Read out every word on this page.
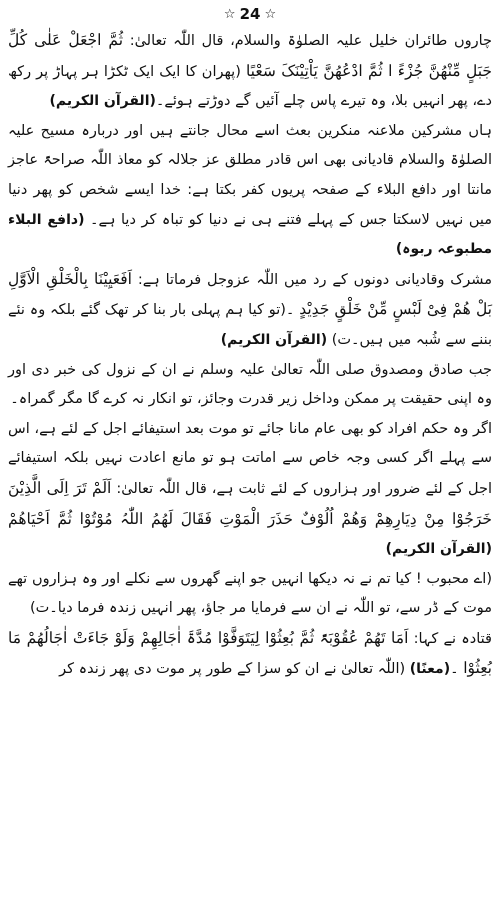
☆ 24 ☆

چاروں طائران خلیل علیہ الصلوٰۃ والسلام، قال اللّٰہ تعالیٰ: ثُمَّ اجْعَلْ عَلٰی کُلِّ جَبَلٍ مِّنْھُنَّ جُزْءً ا ثُمَّ ادْعُھُنَّ یَاْتِیْنَکَ سَعْیًا (پھران کا ایک ایک ٹکڑا ہر پہاڑ پر رکھ دے، پھر انہیں بلا، وہ تیرے پاس چلے آئیں گے دوڑتے ہوئے۔(القرآن الکریم)

ہاں مشرکین ملاعنہ منکرین بعث اسے محال جانتے ہیں اور دربارہ مسیح علیہ الصلوٰۃ والسلام قادیانی بھی اس قادر مطلق عز جلالہ کو معاذ اللّٰہ صراحۃً عاجز مانتا اور دافع البلاء کے صفحہ پریوں کفر بکتا ہے: خدا ایسے شخص کو پھر دنیا میں نہیں لاسکتا جس کے پہلے فتنے ہی نے دنیا کو تباہ کر دیا ہے۔ (دافع البلاء مطبوعہ ربوہ)

مشرک وقادیانی دونوں کے رد میں اللّٰہ عزوجل فرماتا ہے: اَفَعَیِیْنَا بِالْخَلْقِ الْاَوَّلِ بَلْ ھُمْ فِیْ لَبْسٍ مِّنْ خَلْقٍ جَدِیْدٍ ۔(تو کیا ہم پہلی بار بنا کر تھک گئے بلکہ وہ نئے بننے سے شُبہ میں ہیں۔ت) (القرآن الکریم)

جب صادق ومصدوق صلی اللّٰہ تعالیٰ علیہ وسلم نے ان کے نزول کی خبر دی اور وہ اپنی حقیقت پر ممکن وداخل زیر قدرت وجائز، تو انکار نہ کرے گا مگر گمراہ۔

اگر وہ حکم افراد کو بھی عام مانا جائے تو موت بعد استیفائے اجل کے لئے ہے، اس سے پہلے اگر کسی وجہ خاص سے اماتت ہو تو مانع اعادت نہیں بلکہ استیفائے اجل کے لئے ضرور اور ہزاروں کے لئے ثابت ہے، قال اللّٰہ تعالیٰ: اَلَمْ تَرَ اِلَی الَّذِیْنَ خَرَجُوْا مِنْ دِیَارِھِمْ وَھُمْ اُلُوْفٌ حَذَرَ الْمَوْتِ فَقَالَ لَھُمُ اللّٰہُ مُوْتُوْا ثُمَّ اَحْیَاھُمْ (القرآن الکریم)

(اے محبوب ! کیا تم نے نہ دیکھا انہیں جو اپنے گھروں سے نکلے اور وہ ہزاروں تھے موت کے ڈر سے، تو اللّٰہ نے ان سے فرمایا مر جاؤ، پھر انہیں زندہ فرما دیا۔ت)

قتادہ نے کہا: اَمَا تَھُمْ عُقُوْبَۃً ثُمَّ بُعِثُوْا لِیَتَوَفَّوْا مُدَّۃَ اٰجَالِھِمْ وَلَوْ جَاءَتْ اٰجَالُھُمْ مَا بُعِثُوْا ۔(معنًا) (اللّٰہ تعالیٰ نے ان کو سزا کے طور پر موت دی پھر زندہ کر
